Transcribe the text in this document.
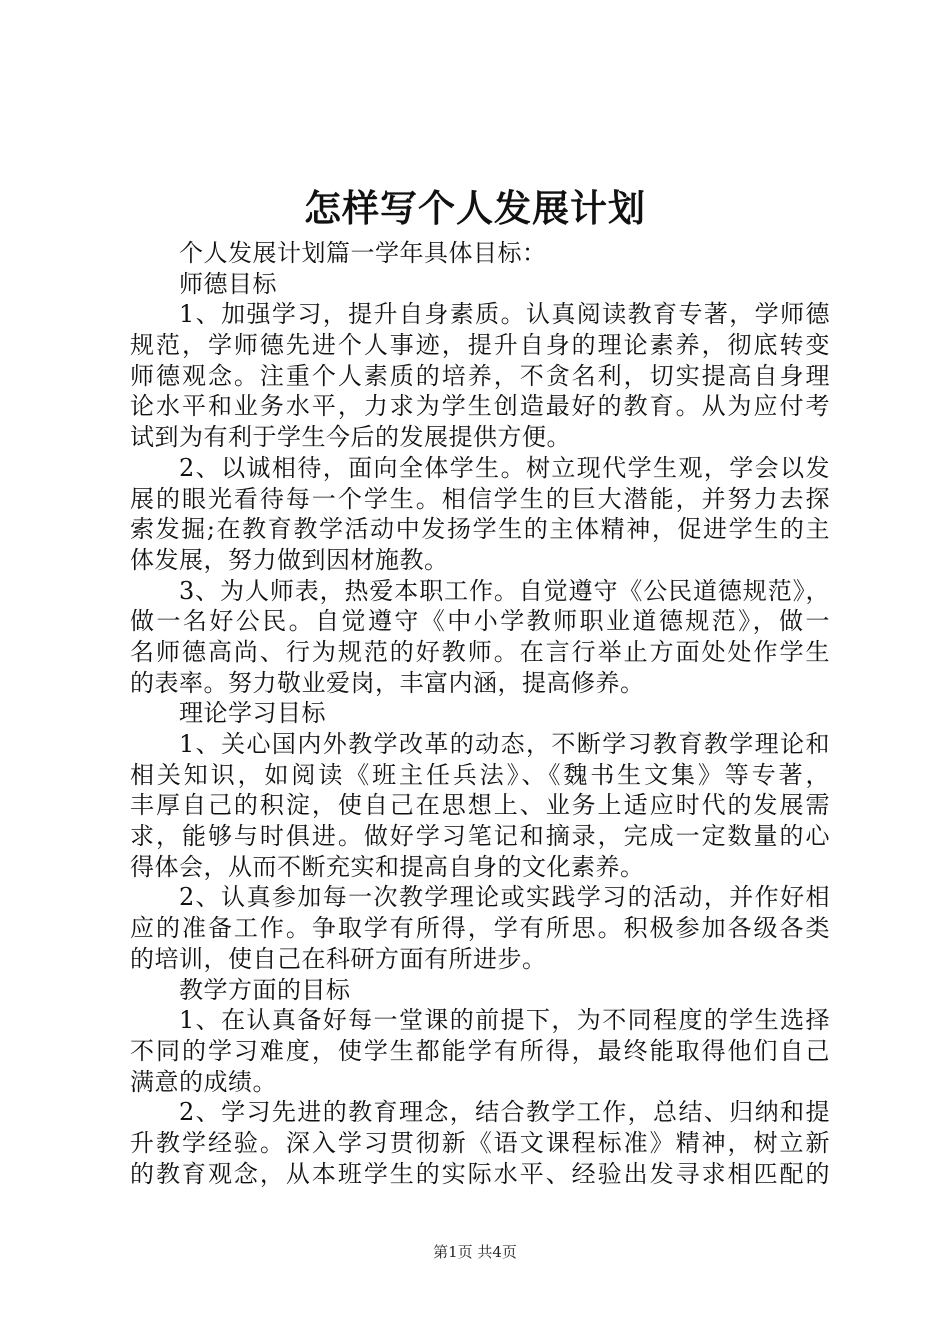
怎样写个人发展计划
个人发展计划篇一学年具体目标：
师德目标
1、加强学习，提升自身素质。认真阅读教育专著，学师德
规范，学师德先进个人事迹，提升自身的理论素养，彻底转变
师德观念。注重个人素质的培养，不贪名利，切实提高自身理
论水平和业务水平，力求为学生创造最好的教育。从为应付考
试到为有利于学生今后的发展提供方便。
2、以诚相待，面向全体学生。树立现代学生观，学会以发
展的眼光看待每一个学生。相信学生的巨大潜能，并努力去探
索发掘;在教育教学活动中发扬学生的主体精神，促进学生的主
体发展，努力做到因材施教。
3、为人师表，热爱本职工作。自觉遵守《公民道德规范》，
做一名好公民。自觉遵守《中小学教师职业道德规范》，做一
名师德高尚、行为规范的好教师。在言行举止方面处处作学生
的表率。努力敬业爱岗，丰富内涵，提高修养。
理论学习目标
1、关心国内外教学改革的动态，不断学习教育教学理论和
相关知识，如阅读《班主任兵法》、《魏书生文集》等专著，
丰厚自己的积淀，使自己在思想上、业务上适应时代的发展需
求，能够与时俱进。做好学习笔记和摘录，完成一定数量的心
得体会，从而不断充实和提高自身的文化素养。
2、认真参加每一次教学理论或实践学习的活动，并作好相
应的准备工作。争取学有所得，学有所思。积极参加各级各类
的培训，使自己在科研方面有所进步。
教学方面的目标
1、在认真备好每一堂课的前提下，为不同程度的学生选择
不同的学习难度，使学生都能学有所得，最终能取得他们自己
满意的成绩。
2、学习先进的教育理念，结合教学工作，总结、归纳和提
升教学经验。深入学习贯彻新《语文课程标准》精神，树立新
的教育观念，从本班学生的实际水平、经验出发寻求相匹配的
第1页 共4页
